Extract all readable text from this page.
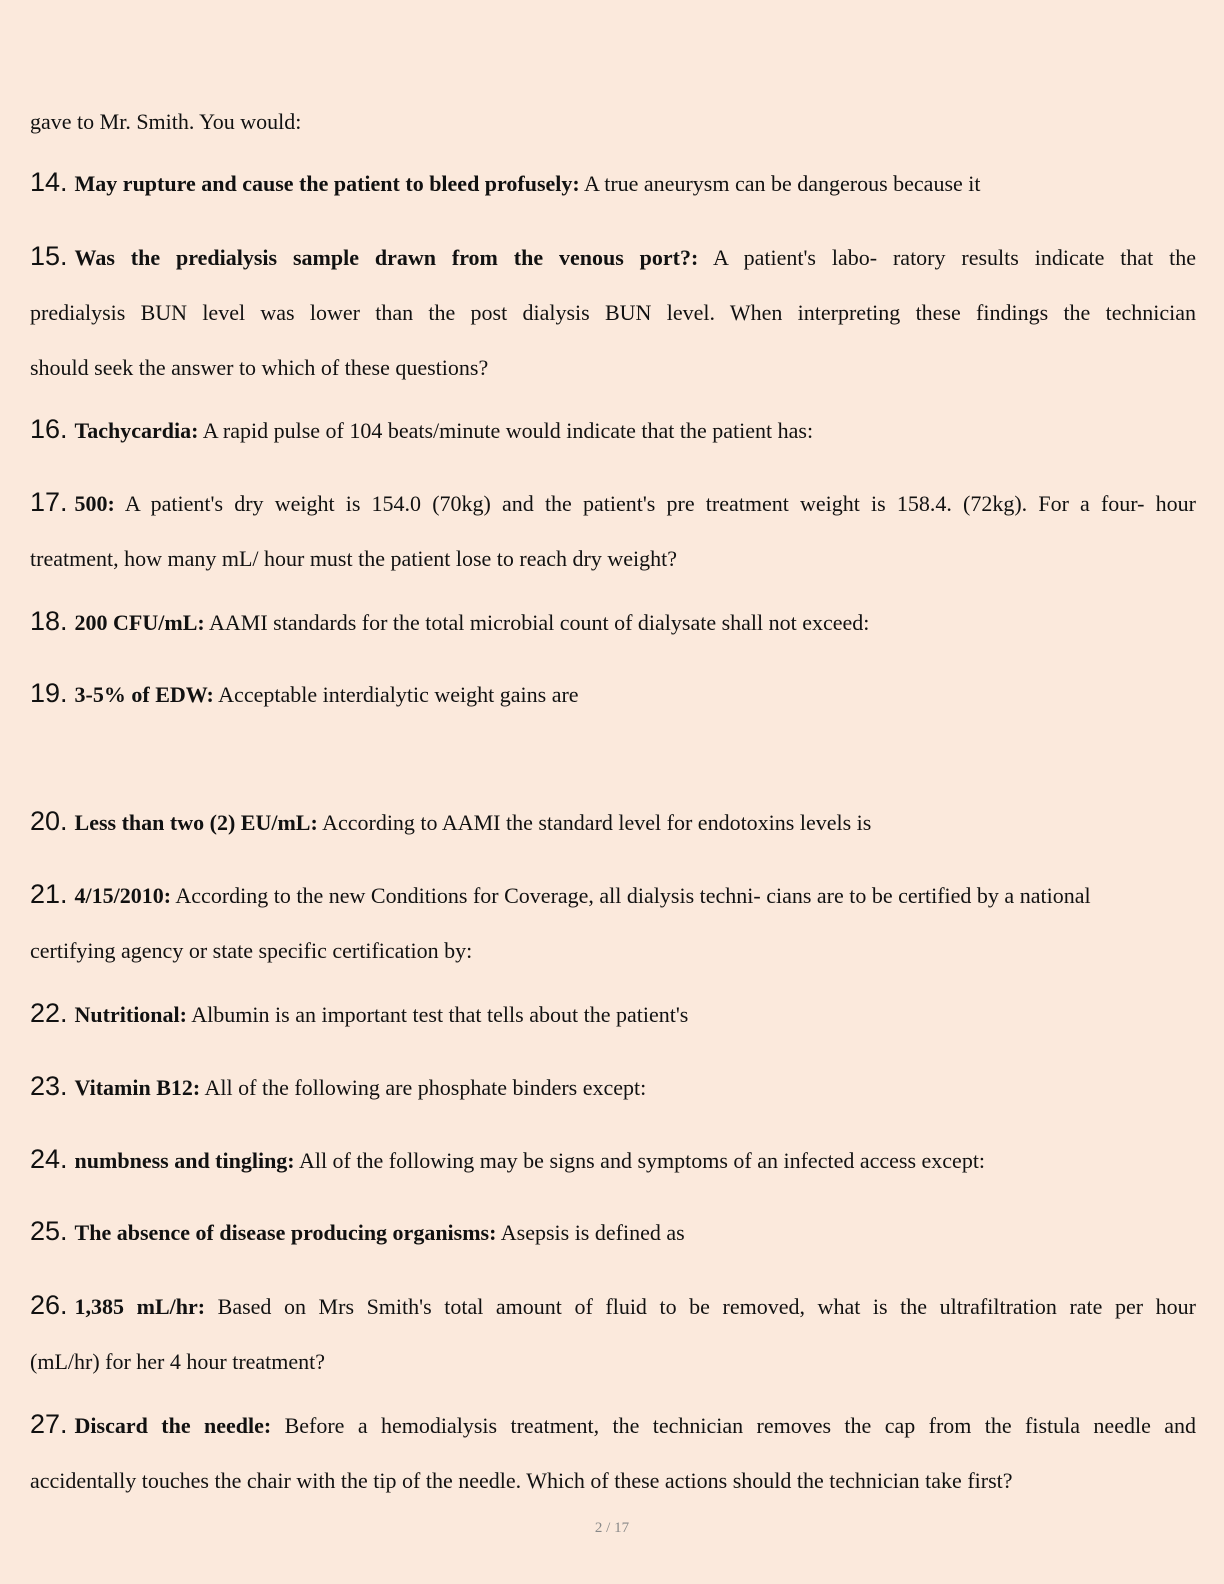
gave to Mr. Smith. You would:
14. May rupture and cause the patient to bleed profusely: A true aneurysm can be dangerous because it
15. Was the predialysis sample drawn from the venous port?: A patient's labo- ratory results indicate that the
predialysis BUN level was lower than the post dialysis BUN level. When interpreting these findings the technician
should seek the answer to which of these questions?
16. Tachycardia: A rapid pulse of 104 beats/minute would indicate that the patient has:
17. 500: A patient's dry weight is 154.0 (70kg) and the patient's pre treatment weight is 158.4. (72kg). For a four- hour
treatment, how many mL/ hour must the patient lose to reach dry weight?
18. 200 CFU/mL: AAMI standards for the total microbial count of dialysate shall not exceed:
19. 3-5% of EDW: Acceptable interdialytic weight gains are
20. Less than two (2) EU/mL: According to AAMI the standard level for endotoxins levels is
21. 4/15/2010: According to the new Conditions for Coverage, all dialysis techni- cians are to be certified by a national
certifying agency or state specific certification by:
22. Nutritional: Albumin is an important test that tells about the patient's
23. Vitamin B12: All of the following are phosphate binders except:
24. numbness and tingling: All of the following may be signs and symptoms of an infected access except:
25. The absence of disease producing organisms: Asepsis is defined as
26. 1,385 mL/hr: Based on Mrs Smith's total amount of fluid to be removed, what is the ultrafiltration rate per hour
(mL/hr) for her 4 hour treatment?
27. Discard the needle: Before a hemodialysis treatment, the technician removes the cap from the fistula needle and
accidentally touches the chair with the tip of the needle. Which of these actions should the technician take first?
2 / 17
